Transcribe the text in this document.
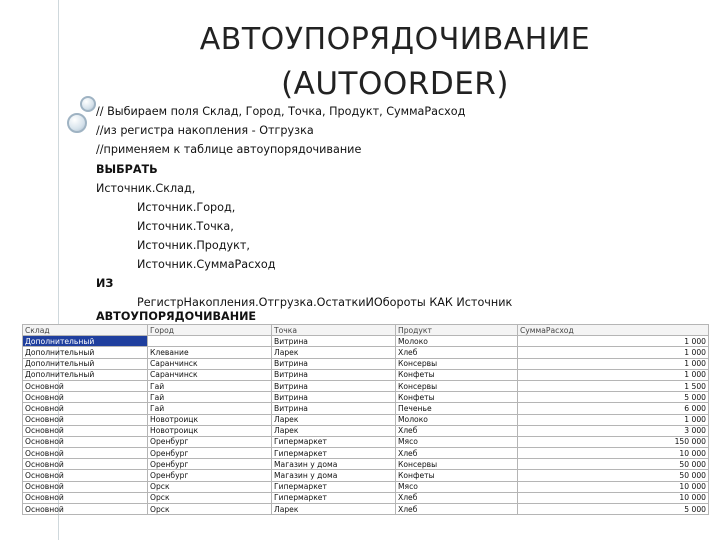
АВТОУПОРЯДОЧИВАНИЕ
(AUTOORDER)
// Выбираем поля Склад, Город, Точка, Продукт, СуммаРасход
//из регистра накопления - Отгрузка
//применяем к таблице автоупорядочивание
ВЫБРАТЬ
Источник.Склад,
Источник.Город,
Источник.Точка,
Источник.Продукт,
Источник.СуммаРасход
ИЗ
РегистрНакопления.Отгрузка.ОстаткиИОбороты КАК Источник
АВТОУПОРЯДОЧИВАНИЕ
Склад	Город	Точка	Продукт	СуммаРасход
Дополнительный		Витрина	Молоко	1 000
Дополнительный	Клевание	Ларек	Хлеб	1 000
Дополнительный	Саранчинск	Витрина	Консервы	1 000
Дополнительный	Саранчинск	Витрина	Конфеты	1 000
Основной	Гай	Витрина	Консервы	1 500
Основной	Гай	Витрина	Конфеты	5 000
Основной	Гай	Витрина	Печенье	6 000
Основной	Новотроицк	Ларек	Молоко	1 000
Основной	Новотроицк	Ларек	Хлеб	3 000
Основной	Оренбург	Гипермаркет	Мясо	150 000
Основной	Оренбург	Гипермаркет	Хлеб	10 000
Основной	Оренбург	Магазин у дома	Консервы	50 000
Основной	Оренбург	Магазин у дома	Конфеты	50 000
Основной	Орск	Гипермаркет	Мясо	10 000
Основной	Орск	Гипермаркет	Хлеб	10 000
Основной	Орск	Ларек	Хлеб	5 000
